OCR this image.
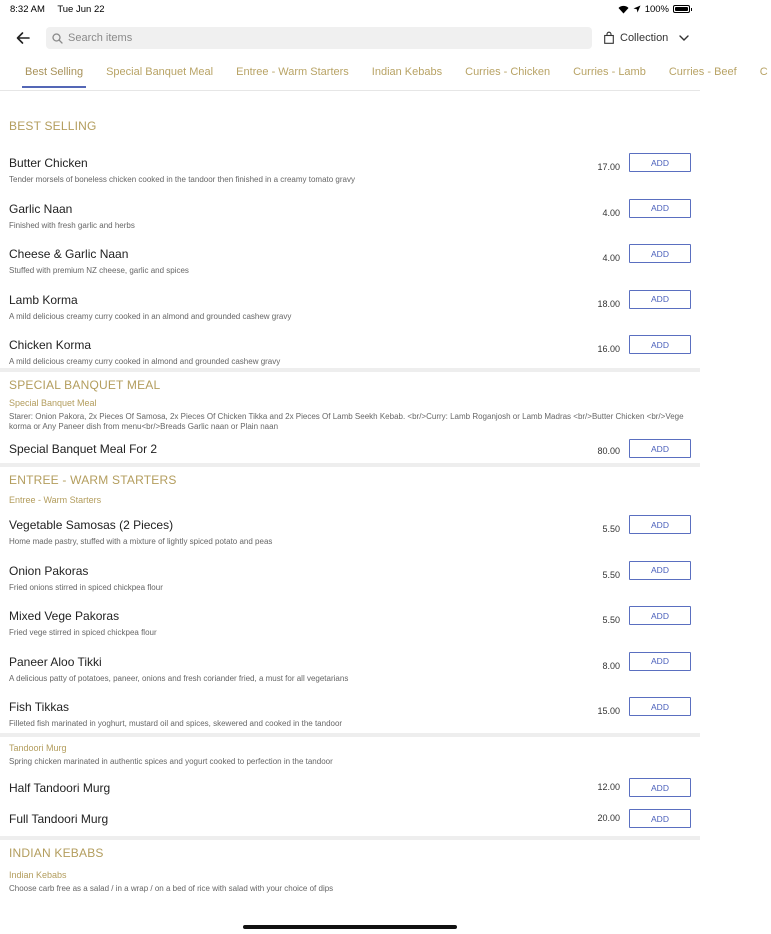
8:32 AM Tue Jun 22	100%
Search items
Collection
Best Selling Special Banquet Meal Entree - Warm Starters Indian Kebabs Curries - Chicken Curries - Lamb Curries - Beef C
BEST SELLING
Butter Chicken
Tender morsels of boneless chicken cooked in the tandoor then finished in a creamy tomato gravy
17.00	ADD
Garlic Naan
Finished with fresh garlic and herbs
4.00	ADD
Cheese & Garlic Naan
Stuffed with premium NZ cheese, garlic and spices
4.00	ADD
Lamb Korma
A mild delicious creamy curry cooked in an almond and grounded cashew gravy
18.00	ADD
Chicken Korma
A mild delicious creamy curry cooked in almond and grounded cashew gravy
16.00	ADD
SPECIAL BANQUET MEAL
Special Banquet Meal
Starer: Onion Pakora, 2x Pieces Of Samosa, 2x Pieces Of Chicken Tikka and 2x Pieces Of Lamb Seekh Kebab. <br/>Curry: Lamb Roganjosh or Lamb Madras <br/>Butter Chicken <br/>Vege korma or Any Paneer dish from menu<br/>Breads Garlic naan or Plain naan
Special Banquet Meal For 2	80.00	ADD
ENTREE - WARM STARTERS
Entree - Warm Starters
Vegetable Samosas (2 Pieces)
Home made pastry, stuffed with a mixture of lightly spiced potato and peas
5.50	ADD
Onion Pakoras
Fried onions stirred in spiced chickpea flour
5.50	ADD
Mixed Vege Pakoras
Fried vege stirred in spiced chickpea flour
5.50	ADD
Paneer Aloo Tikki
A delicious patty of potatoes, paneer, onions and fresh coriander fried, a must for all vegetarians
8.00	ADD
Fish Tikkas
Filleted fish marinated in yoghurt, mustard oil and spices, skewered and cooked in the tandoor
15.00	ADD
Tandoori Murg
Spring chicken marinated in authentic spices and yogurt cooked to perfection in the tandoor
Half Tandoori Murg	12.00	ADD
Full Tandoori Murg	20.00	ADD
INDIAN KEBABS
Indian Kebabs
Choose carb free as a salad / in a wrap / on a bed of rice with salad with your choice of dips
